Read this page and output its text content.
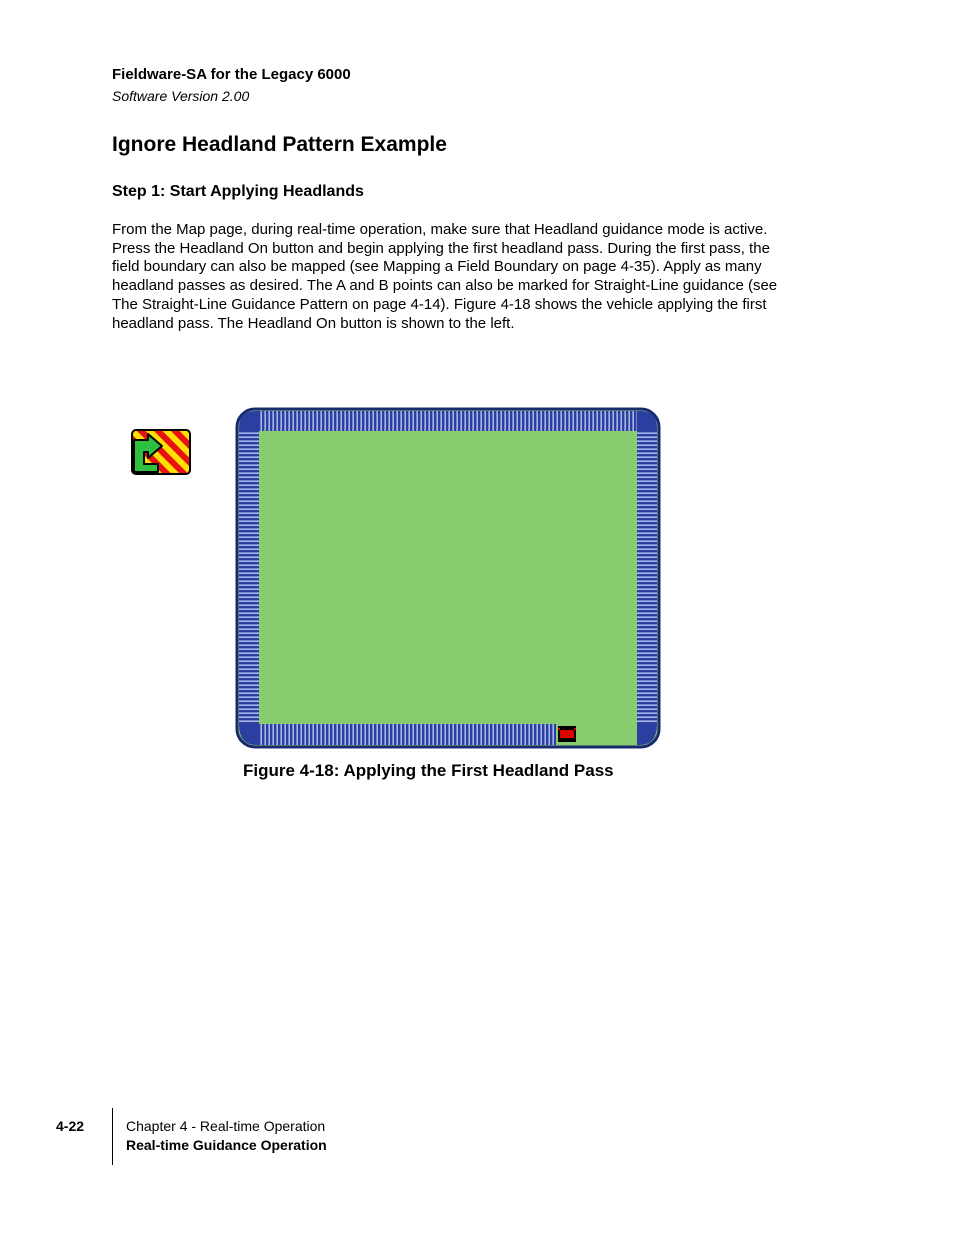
Fieldware-SA for the Legacy 6000
Software Version 2.00
Ignore Headland Pattern Example
Step 1: Start Applying Headlands

From the Map page, during real-time operation, make sure that Headland guidance mode is active. Press the Headland On button and begin applying the first headland pass. During the first pass, the field boundary can also be mapped (see Mapping a Field Boundary on page 4-35). Apply as many headland passes as desired. The A and B points can also be marked for Straight-Line guidance (see The Straight-Line Guidance Pattern on page 4-14). Figure 4-18 shows the vehicle applying the first headland pass. The Headland On button is shown to the left.

Figure 4-18: Applying the First Headland Pass
4-22	Chapter 4 - Real-time Operation
Real-time Guidance Operation
